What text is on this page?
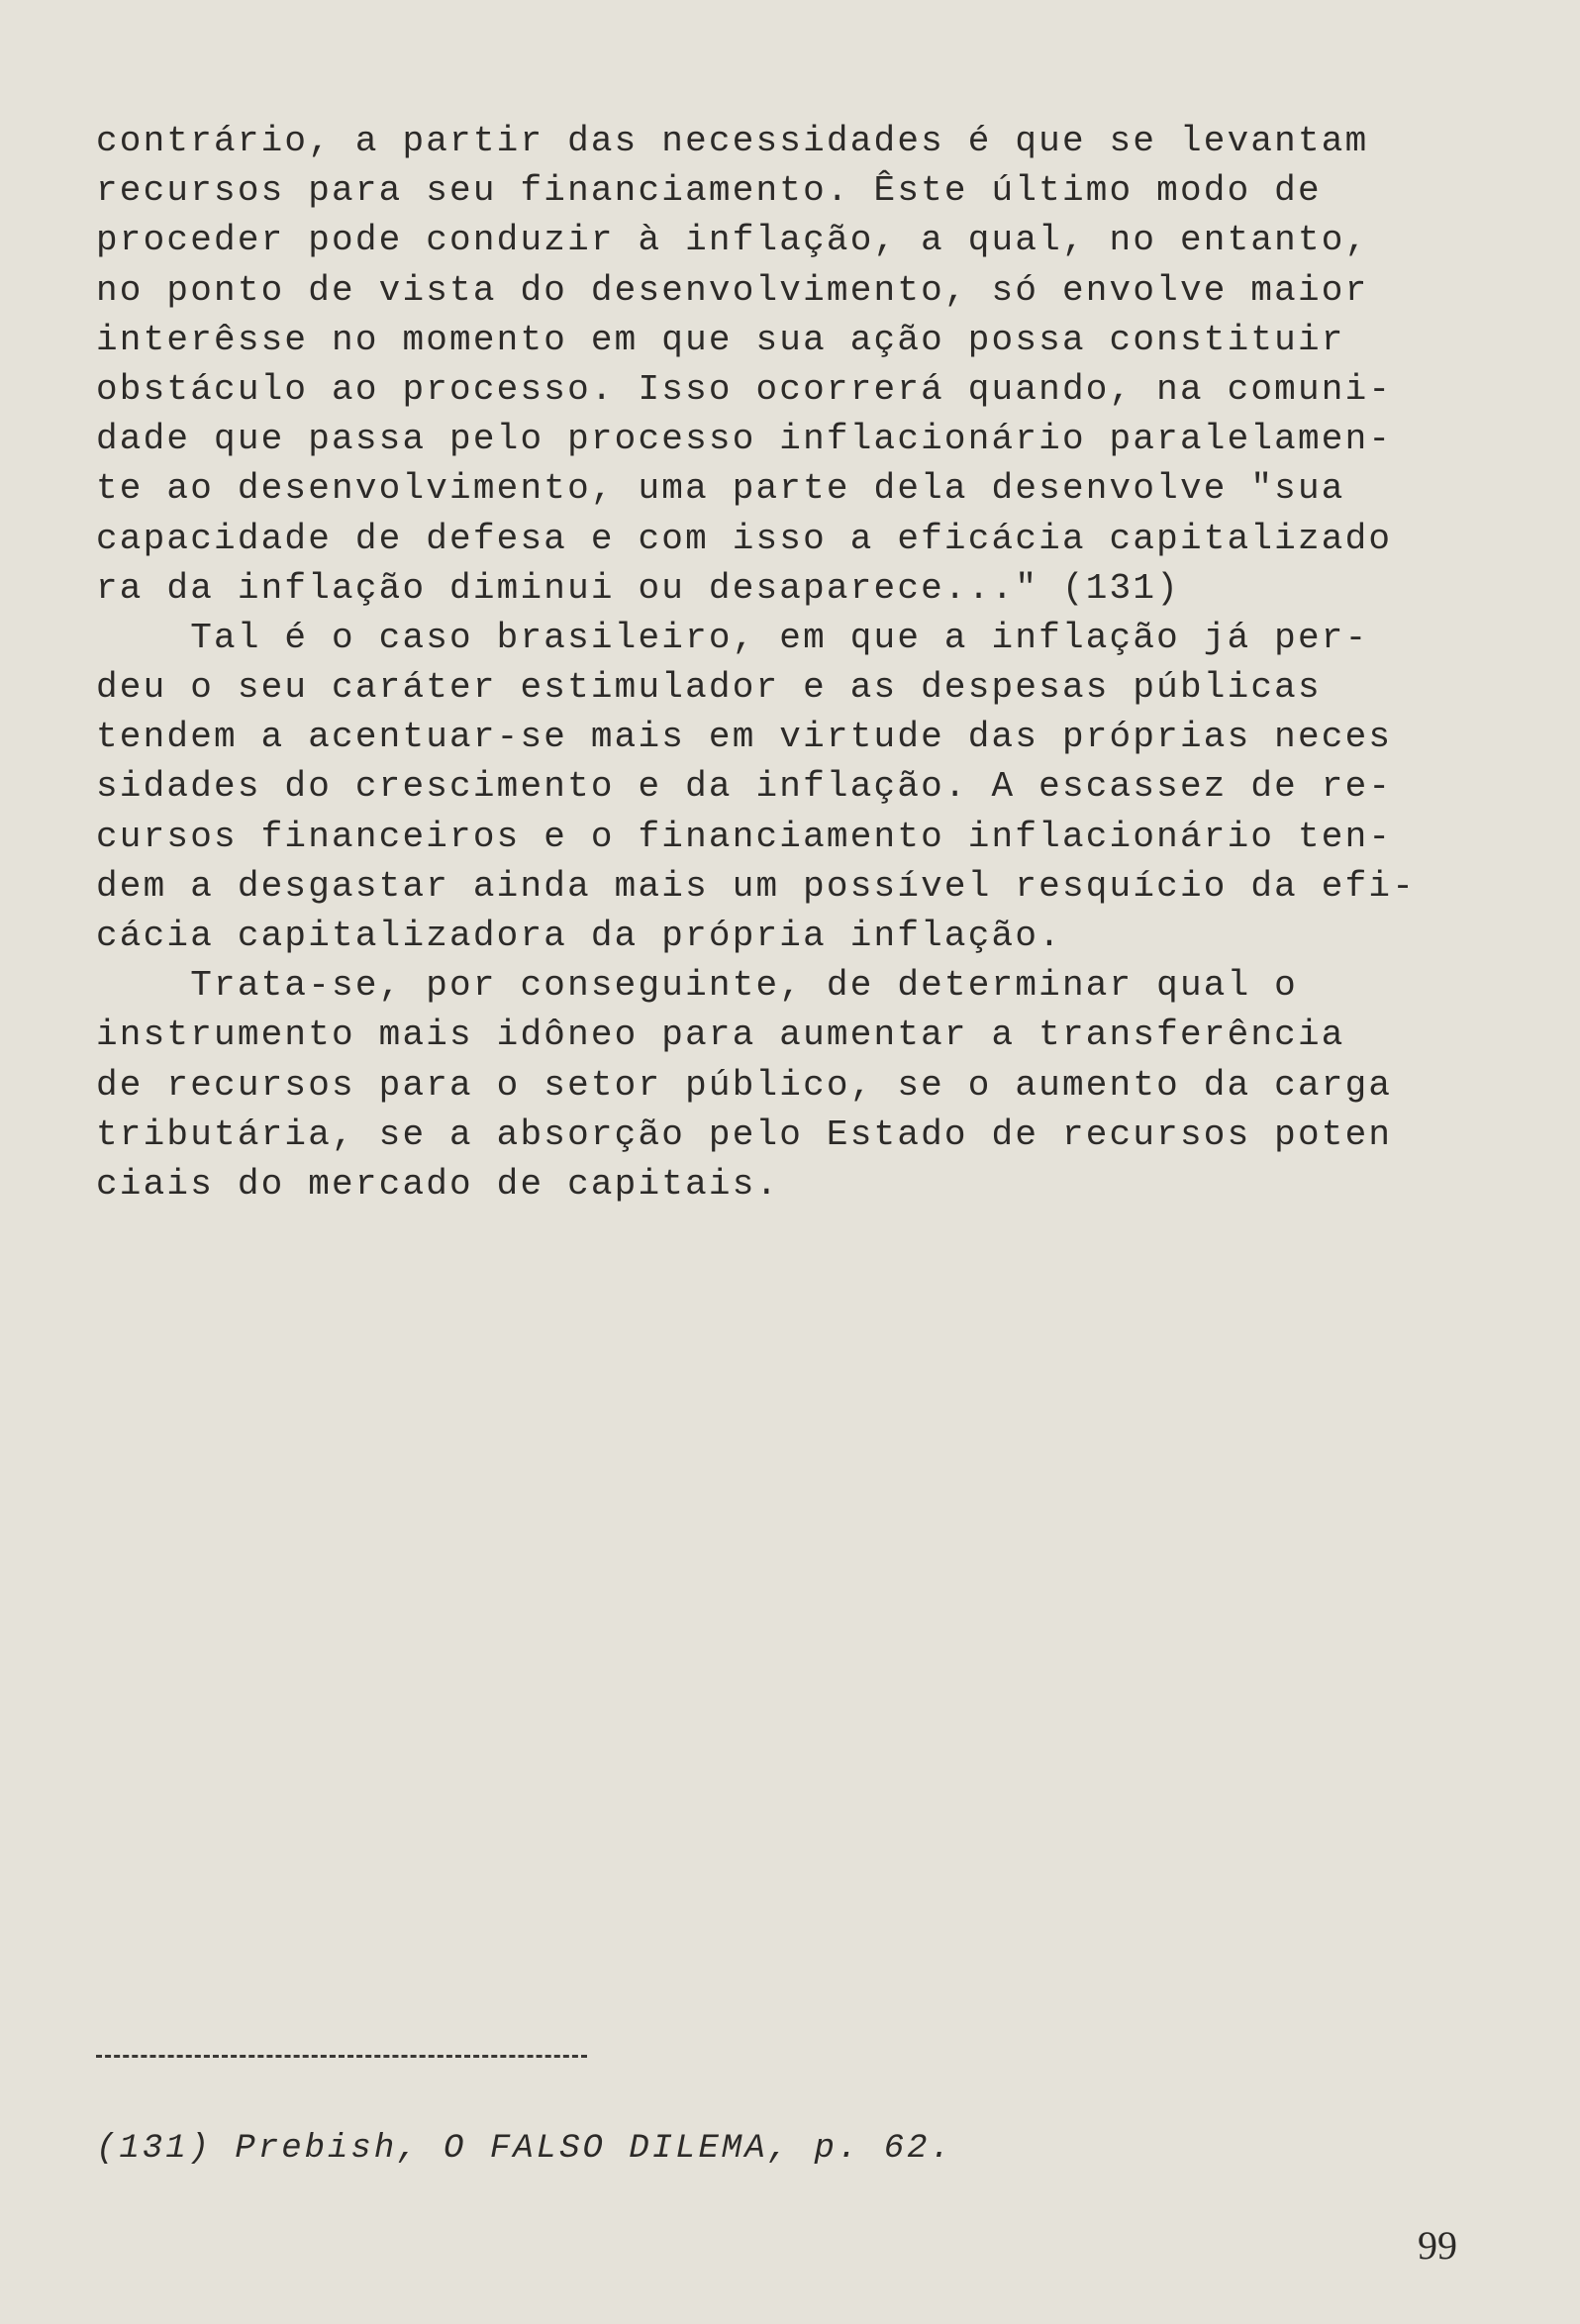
contrário, a partir das necessidades é que se levantam
recursos para seu financiamento. Êste último modo de
proceder pode conduzir à inflação, a qual, no entanto,
no ponto de vista do desenvolvimento, só envolve maior
interêsse no momento em que sua ação possa constituir
obstáculo ao processo. Isso ocorrerá quando, na comuni-
dade que passa pelo processo inflacionário paralelamen-
te ao desenvolvimento, uma parte dela desenvolve "sua
capacidade de defesa e com isso a eficácia capitalizado
ra da inflação diminui ou desaparece..." (131)
Tal é o caso brasileiro, em que a inflação já per-
deu o seu caráter estimulador e as despesas públicas
tendem a acentuar-se mais em virtude das próprias neces
sidades do crescimento e da inflação. A escassez de re-
cursos financeiros e o financiamento inflacionário ten-
dem a desgastar ainda mais um possível resquício da efi-
cácia capitalizadora da própria inflação.
Trata-se, por conseguinte, de determinar qual o
instrumento mais idôneo para aumentar a transferência
de recursos para o setor público, se o aumento da carga
tributária, se a absorção pelo Estado de recursos poten
ciais do mercado de capitais.
(131) Prebish, O FALSO DILEMA, p. 62.
99
